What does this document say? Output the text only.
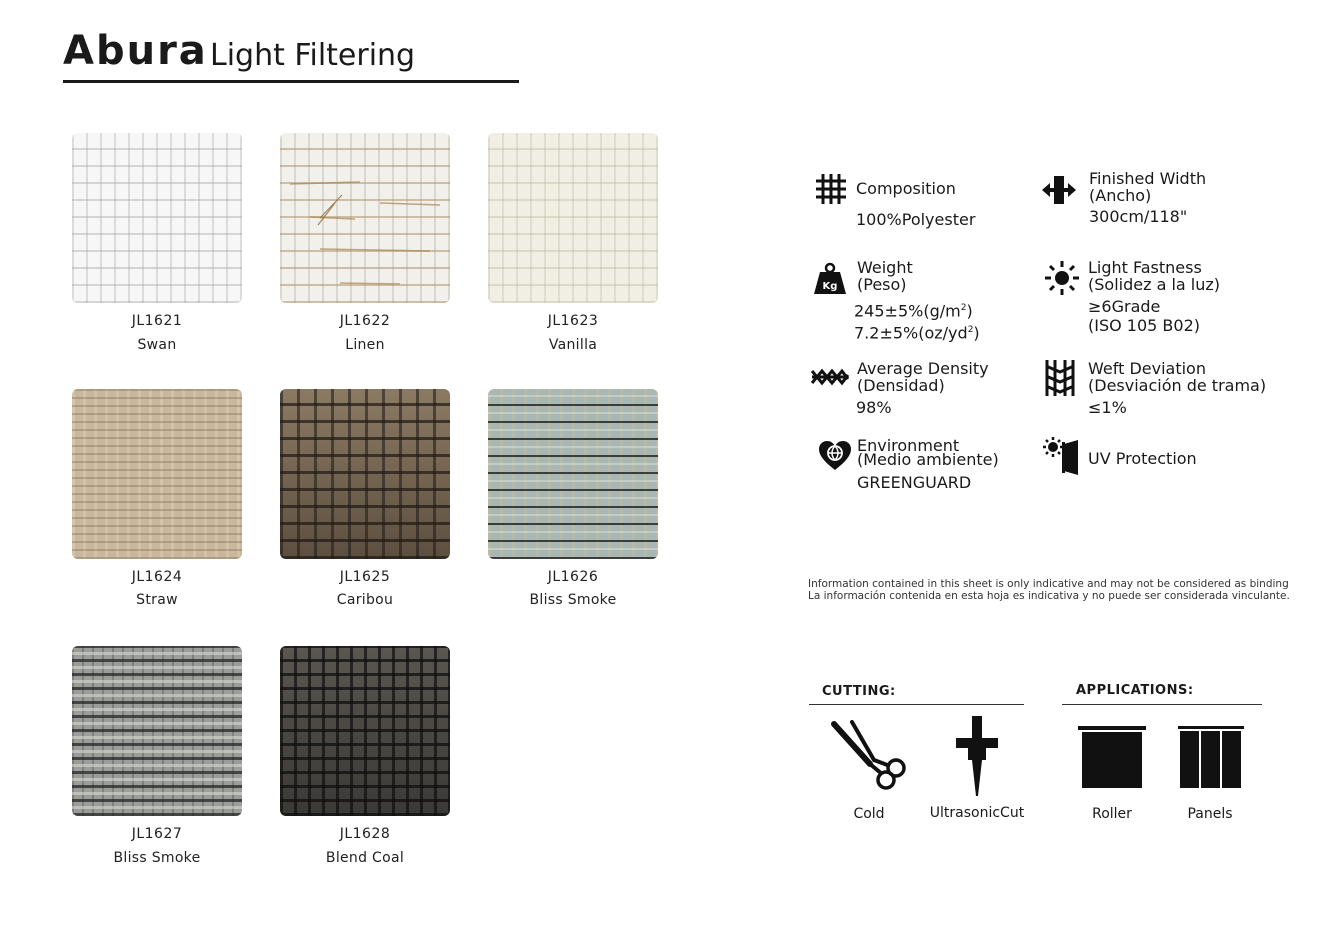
Abura Light Filtering
JL1621
Swan
JL1622
Linen
JL1623
Vanilla
JL1624
Straw
JL1625
Caribou
JL1626
Bliss Smoke
JL1627
Bliss Smoke
JL1628
Blend Coal
Composition
100%Polyester
Finished Width
(Ancho)
300cm/118"
Kg
Weight
(Peso)
$245\pm 5\%(g/m^2)$
$7.2\pm 5\%(oz/yd^2)$
Light Fastness
(Solidez a la luz)
≥6Grade
(ISO 105 B02)
Average Density
(Densidad)
98%
Weft Deviation
(Desviación de trama)
≤1%
Environment
(Medio ambiente)
GREENGUARD
UV Protection
Information contained in this sheet is only indicative and may not be considered as binding
La información contenida en esta hoja es indicativa y no puede ser considerada vinculante.
CUTTING:
Cold	UltrasonicCut
APPLICATIONS:
Roller	Panels
